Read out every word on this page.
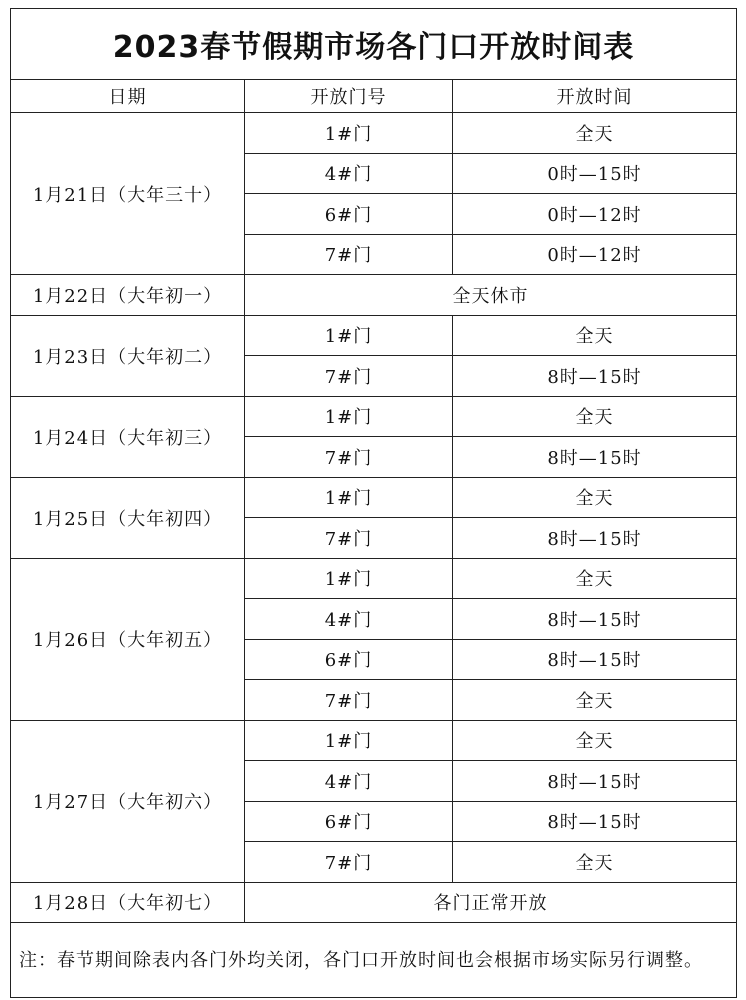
2023春节假期市场各门口开放时间表		
日期	开放门号	开放时间
1月21日（大年三十）	1#门	全天
	4#门	0时—15时
	6#门	0时—12时
	7#门	0时—12时
1月22日（大年初一）	全天休市	
1月23日（大年初二）	1#门	全天
	7#门	8时—15时
1月24日（大年初三）	1#门	全天
	7#门	8时—15时
1月25日（大年初四）	1#门	全天
	7#门	8时—15时
1月26日（大年初五）	1#门	全天
	4#门	8时—15时
	6#门	8时—15时
	7#门	全天
1月27日（大年初六）	1#门	全天
	4#门	8时—15时
	6#门	8时—15时
	7#门	全天
1月28日（大年初七）	各门正常开放	
注：春节期间除表内各门外均关闭，各门口开放时间也会根据市场实际另行调整。		
